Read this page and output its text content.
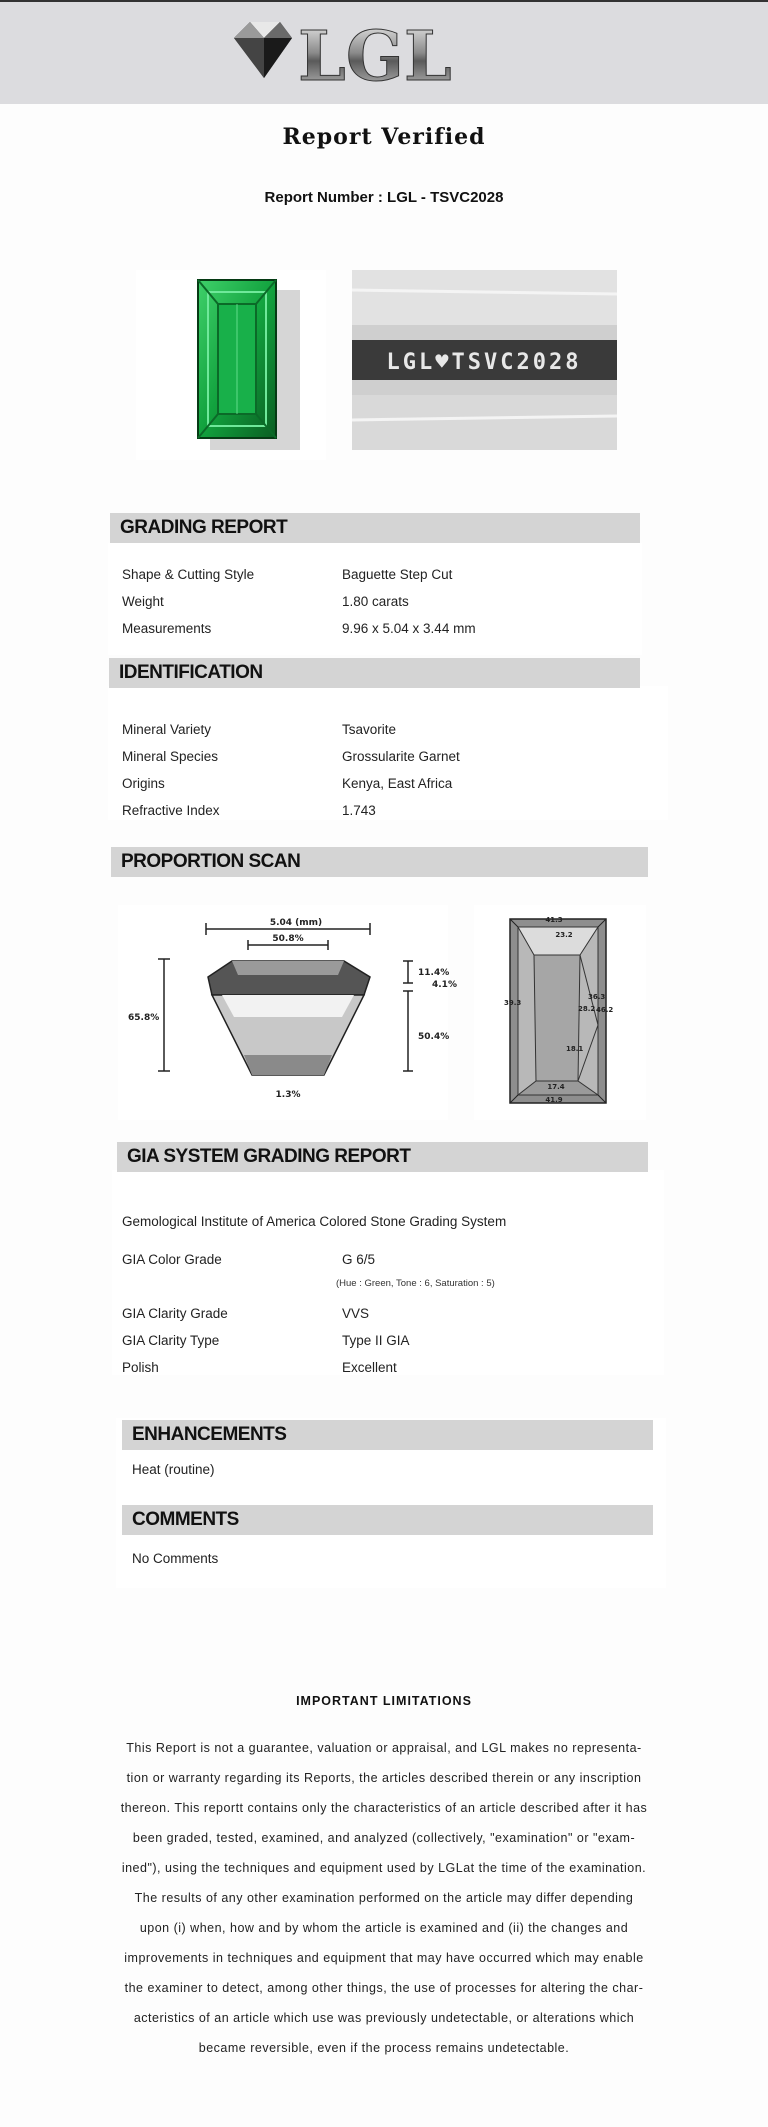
LGL
Report Verified
Report Number : LGL - TSVC2028
LGL♥TSVC2028
GRADING REPORT
Shape & Cutting Style	Baguette Step Cut
Weight	1.80 carats
Measurements	9.96 x 5.04 x 3.44 mm
IDENTIFICATION
Mineral Variety	Tsavorite
Mineral Species	Grossularite Garnet
Origins	Kenya, East Africa
Refractive Index	1.743
PROPORTION SCAN
5.04 (mm)
50.8%
65.8%
11.4%
4.1%
50.4%
1.3%
41.3
23.2
39.3
36.3
28.2 46.2
18.1
17.4
41.9
GIA SYSTEM GRADING REPORT
Gemological Institute of America Colored Stone Grading System
GIA Color Grade	G 6/5
(Hue : Green, Tone : 6, Saturation : 5)
GIA Clarity Grade	VVS
GIA Clarity Type	Type II GIA
Polish	Excellent
ENHANCEMENTS
Heat (routine)
COMMENTS
No Comments
IMPORTANT LIMITATIONS
This Report is not a guarantee, valuation or appraisal, and LGL makes no representa-
tion or warranty regarding its Reports, the articles described therein or any inscription
thereon. This reportt contains only the characteristics of an article described after it has
been graded, tested, examined, and analyzed (collectively, "examination" or "exam-
ined"), using the techniques and equipment used by LGLat the time of the examination.
The results of any other examination performed on the article may differ depending
upon (i) when, how and by whom the article is examined and (ii) the changes and
improvements in techniques and equipment that may have occurred which may enable
the examiner to detect, among other things, the use of processes for altering the char-
acteristics of an article which use was previously undetectable, or alterations which
became reversible, even if the process remains undetectable.
